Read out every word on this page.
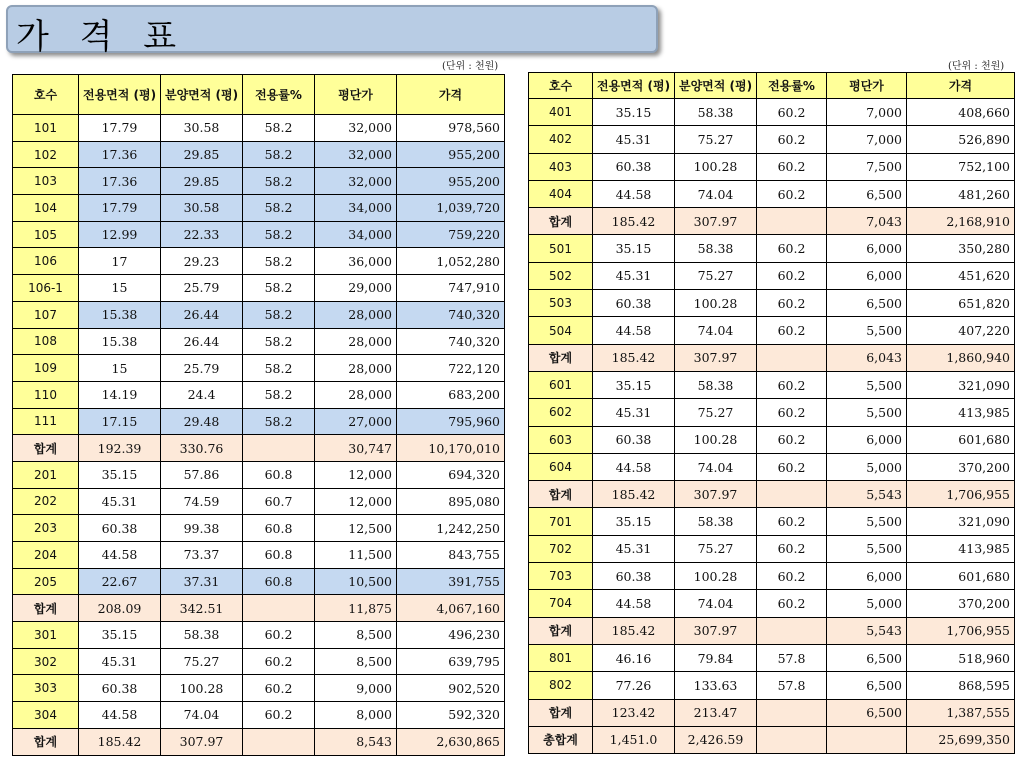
가 격 표
(단위 : 천원)	(단위 : 천원)
호수	전용면적 (평)	분양면적 (평)	전용률%	평단가	가격
101	17.79	30.58	58.2	32,000	978,560
102	17.36	29.85	58.2	32,000	955,200
103	17.36	29.85	58.2	32,000	955,200
104	17.79	30.58	58.2	34,000	1,039,720
105	12.99	22.33	58.2	34,000	759,220
106	17	29.23	58.2	36,000	1,052,280
106-1	15	25.79	58.2	29,000	747,910
107	15.38	26.44	58.2	28,000	740,320
108	15.38	26.44	58.2	28,000	740,320
109	15	25.79	58.2	28,000	722,120
110	14.19	24.4	58.2	28,000	683,200
111	17.15	29.48	58.2	27,000	795,960
합계	192.39	330.76		30,747	10,170,010
201	35.15	57.86	60.8	12,000	694,320
202	45.31	74.59	60.7	12,000	895,080
203	60.38	99.38	60.8	12,500	1,242,250
204	44.58	73.37	60.8	11,500	843,755
205	22.67	37.31	60.8	10,500	391,755
합계	208.09	342.51		11,875	4,067,160
301	35.15	58.38	60.2	8,500	496,230
302	45.31	75.27	60.2	8,500	639,795
303	60.38	100.28	60.2	9,000	902,520
304	44.58	74.04	60.2	8,000	592,320
합계	185.42	307.97		8,543	2,630,865
호수	전용면적 (평)	분양면적 (평)	전용률%	평단가	가격
401	35.15	58.38	60.2	7,000	408,660
402	45.31	75.27	60.2	7,000	526,890
403	60.38	100.28	60.2	7,500	752,100
404	44.58	74.04	60.2	6,500	481,260
합계	185.42	307.97		7,043	2,168,910
501	35.15	58.38	60.2	6,000	350,280
502	45.31	75.27	60.2	6,000	451,620
503	60.38	100.28	60.2	6,500	651,820
504	44.58	74.04	60.2	5,500	407,220
합계	185.42	307.97		6,043	1,860,940
601	35.15	58.38	60.2	5,500	321,090
602	45.31	75.27	60.2	5,500	413,985
603	60.38	100.28	60.2	6,000	601,680
604	44.58	74.04	60.2	5,000	370,200
합계	185.42	307.97		5,543	1,706,955
701	35.15	58.38	60.2	5,500	321,090
702	45.31	75.27	60.2	5,500	413,985
703	60.38	100.28	60.2	6,000	601,680
704	44.58	74.04	60.2	5,000	370,200
합계	185.42	307.97		5,543	1,706,955
801	46.16	79.84	57.8	6,500	518,960
802	77.26	133.63	57.8	6,500	868,595
합계	123.42	213.47		6,500	1,387,555
총합계	1,451.0	2,426.59			25,699,350
